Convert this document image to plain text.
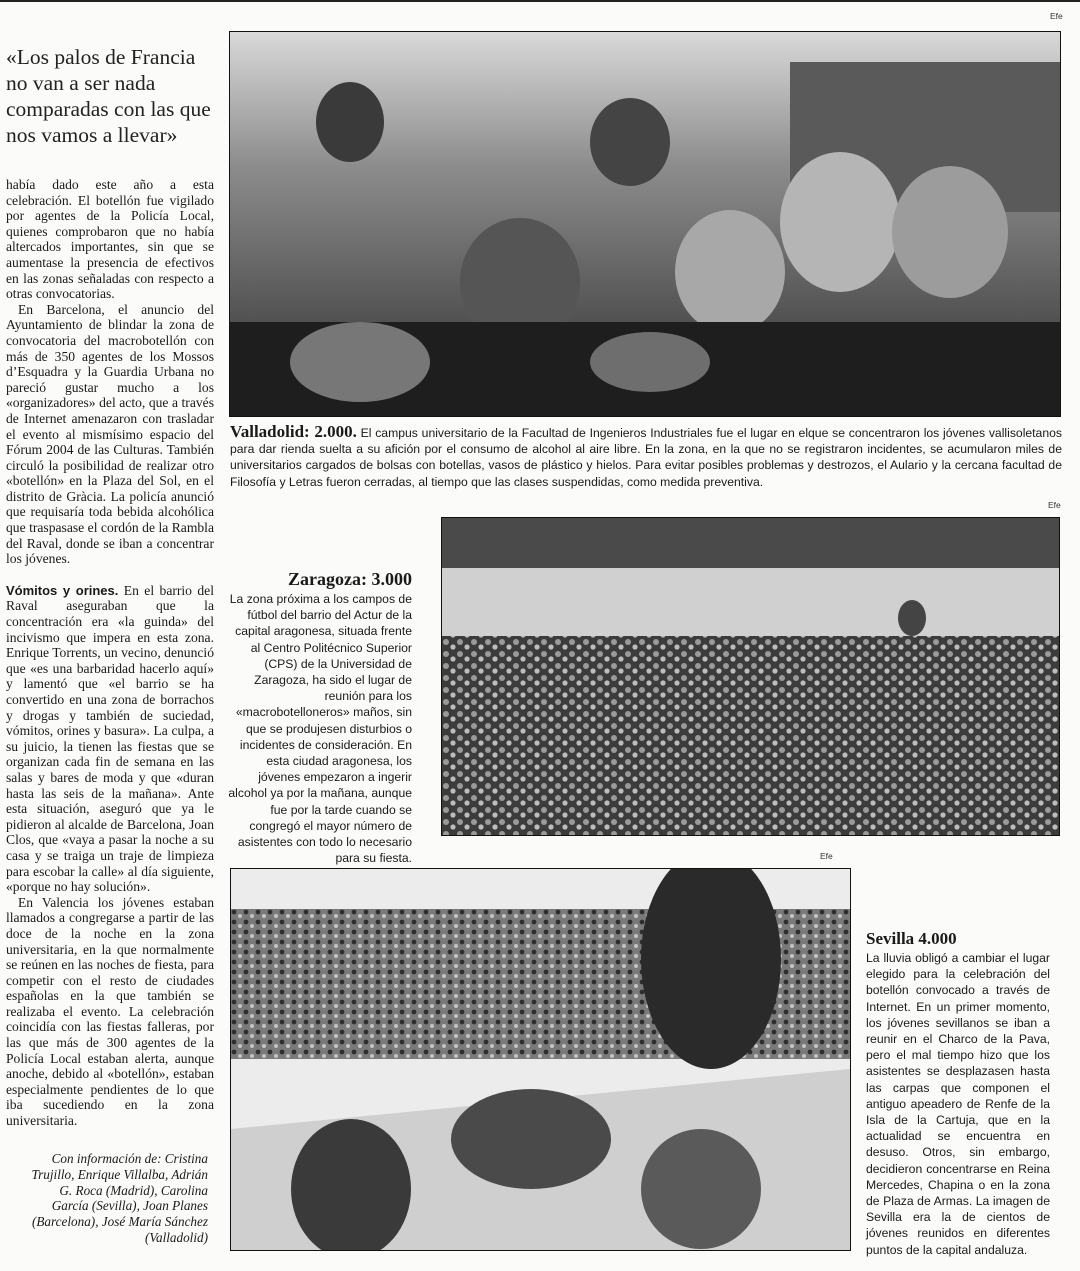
«Los palos de Francia no van a ser nada comparadas con las que nos vamos a llevar»

había dado este año a esta celebración. El botellón fue vigilado por agentes de la Policía Local, quienes comprobaron que no había altercados importantes, sin que se aumentase la presencia de efectivos en las zonas señaladas con respecto a otras convocatorias.

En Barcelona, el anuncio del Ayuntamiento de blindar la zona de convocatoria del macrobotellón con más de 350 agentes de los Mossos d’Esquadra y la Guardia Urbana no pareció gustar mucho a los «organizadores» del acto, que a través de Internet amenazaron con trasladar el evento al mismísimo espacio del Fórum 2004 de las Culturas. También circuló la posibilidad de realizar otro «botellón» en la Plaza del Sol, en el distrito de Gràcia. La policía anunció que requisaría toda bebida alcohólica que traspasase el cordón de la Rambla del Raval, donde se iban a concentrar los jóvenes.

Vómitos y orines. En el barrio del Raval aseguraban que la concentración era «la guinda» del incivismo que impera en esta zona. Enrique Torrents, un vecino, denunció que «es una barbaridad hacerlo aquí» y lamentó que «el barrio se ha convertido en una zona de borrachos y drogas y también de suciedad, vómitos, orines y basura». La culpa, a su juicio, la tienen las fiestas que se organizan cada fin de semana en las salas y bares de moda y que «duran hasta las seis de la mañana». Ante esta situación, aseguró que ya le pidieron al alcalde de Barcelona, Joan Clos, que «vaya a pasar la noche a su casa y se traiga un traje de limpieza para escobar la calle» al día siguiente, «porque no hay solución».

En Valencia los jóvenes estaban llamados a congregarse a partir de las doce de la noche en la zona universitaria, en la que normalmente se reúnen en las noches de fiesta, para competir con el resto de ciudades españolas en la que también se realizaba el evento. La celebración coincidía con las fiestas falleras, por las que más de 300 agentes de la Policía Local estaban alerta, aunque anoche, debido al «botellón», estaban especialmente pendientes de lo que iba sucediendo en la zona universitaria.

Con información de: Cristina Trujillo, Enrique Villalba, Adrián G. Roca (Madrid), Carolina García (Sevilla), Joan Planes (Barcelona), José María Sánchez (Valladolid)
Efe
Valladolid: 2.000. El campus universitario de la Facultad de Ingenieros Industriales fue el lugar en elque se concentraron los jóvenes vallisoletanos para dar rienda suelta a su afición por el consumo de alcohol al aire libre. En la zona, en la que no se registraron incidentes, se acumularon miles de universitarios cargados de bolsas con botellas, vasos de plástico y hielos. Para evitar posibles problemas y destrozos, el Aulario y la cercana facultad de Filosofía y Letras fueron cerradas, al tiempo que las clases suspendidas, como medida preventiva.
Efe
Zaragoza: 3.000
La zona próxima a los campos de fútbol del barrio del Actur de la capital aragonesa, situada frente al Centro Politécnico Superior (CPS) de la Universidad de Zaragoza, ha sido el lugar de reunión para los «macrobotelloneros» maños, sin que se produjesen disturbios o incidentes de consideración. En esta ciudad aragonesa, los jóvenes empezaron a ingerir alcohol ya por la mañana, aunque fue por la tarde cuando se congregó el mayor número de asistentes con todo lo necesario para su fiesta.	Efe
Sevilla 4.000
La lluvia obligó a cambiar el lugar elegido para la celebración del botellón convocado a través de Internet. En un primer momento, los jóvenes sevillanos se iban a reunir en el Charco de la Pava, pero el mal tiempo hizo que los asistentes se desplazasen hasta las carpas que componen el antiguo apeadero de Renfe de la Isla de la Cartuja, que en la actualidad se encuentra en desuso. Otros, sin embargo, decidieron concentrarse en Reina Mercedes, Chapina o en la zona de Plaza de Armas. La imagen de Sevilla era la de cientos de jóvenes reunidos en diferentes puntos de la capital andaluza.
